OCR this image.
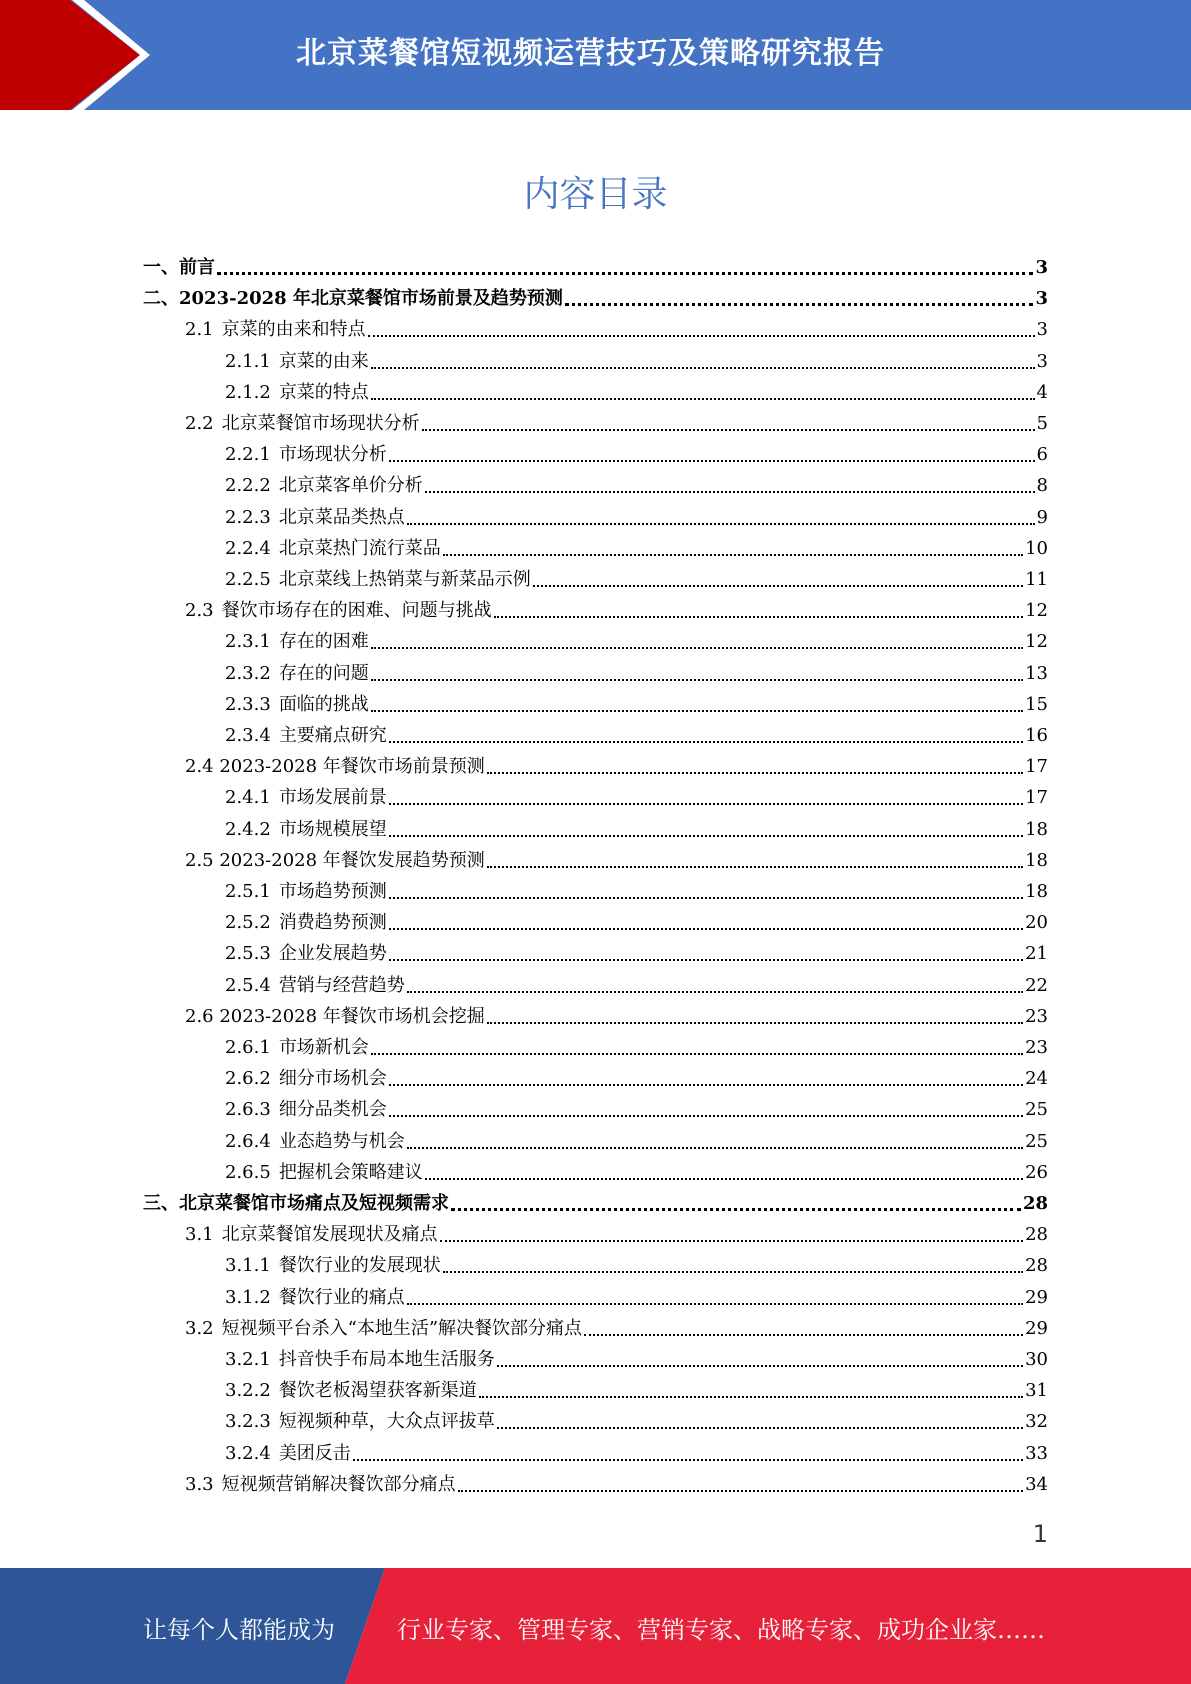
北京菜餐馆短视频运营技巧及策略研究报告
内容目录
一、前言	3
二、2023-2028 年北京菜餐馆市场前景及趋势预测	3
2.1 京菜的由来和特点	3
2.1.1 京菜的由来	3
2.1.2 京菜的特点	4
2.2 北京菜餐馆市场现状分析	5
2.2.1 市场现状分析	6
2.2.2 北京菜客单价分析	8
2.2.3 北京菜品类热点	9
2.2.4 北京菜热门流行菜品	10
2.2.5 北京菜线上热销菜与新菜品示例	11
2.3 餐饮市场存在的困难、问题与挑战	12
2.3.1 存在的困难	12
2.3.2 存在的问题	13
2.3.3 面临的挑战	15
2.3.4 主要痛点研究	16
2.4 2023-2028 年餐饮市场前景预测	17
2.4.1 市场发展前景	17
2.4.2 市场规模展望	18
2.5 2023-2028 年餐饮发展趋势预测	18
2.5.1 市场趋势预测	18
2.5.2 消费趋势预测	20
2.5.3 企业发展趋势	21
2.5.4 营销与经营趋势	22
2.6 2023-2028 年餐饮市场机会挖掘	23
2.6.1 市场新机会	23
2.6.2 细分市场机会	24
2.6.3 细分品类机会	25
2.6.4 业态趋势与机会	25
2.6.5 把握机会策略建议	26
三、北京菜餐馆市场痛点及短视频需求	28
3.1 北京菜餐馆发展现状及痛点	28
3.1.1 餐饮行业的发展现状	28
3.1.2 餐饮行业的痛点	29
3.2 短视频平台杀入“本地生活”解决餐饮部分痛点	29
3.2.1 抖音快手布局本地生活服务	30
3.2.2 餐饮老板渴望获客新渠道	31
3.2.3 短视频种草，大众点评拔草	32
3.2.4 美团反击	33
3.3 短视频营销解决餐饮部分痛点	34
1
让每个人都能成为	行业专家、管理专家、营销专家、战略专家、成功企业家……
